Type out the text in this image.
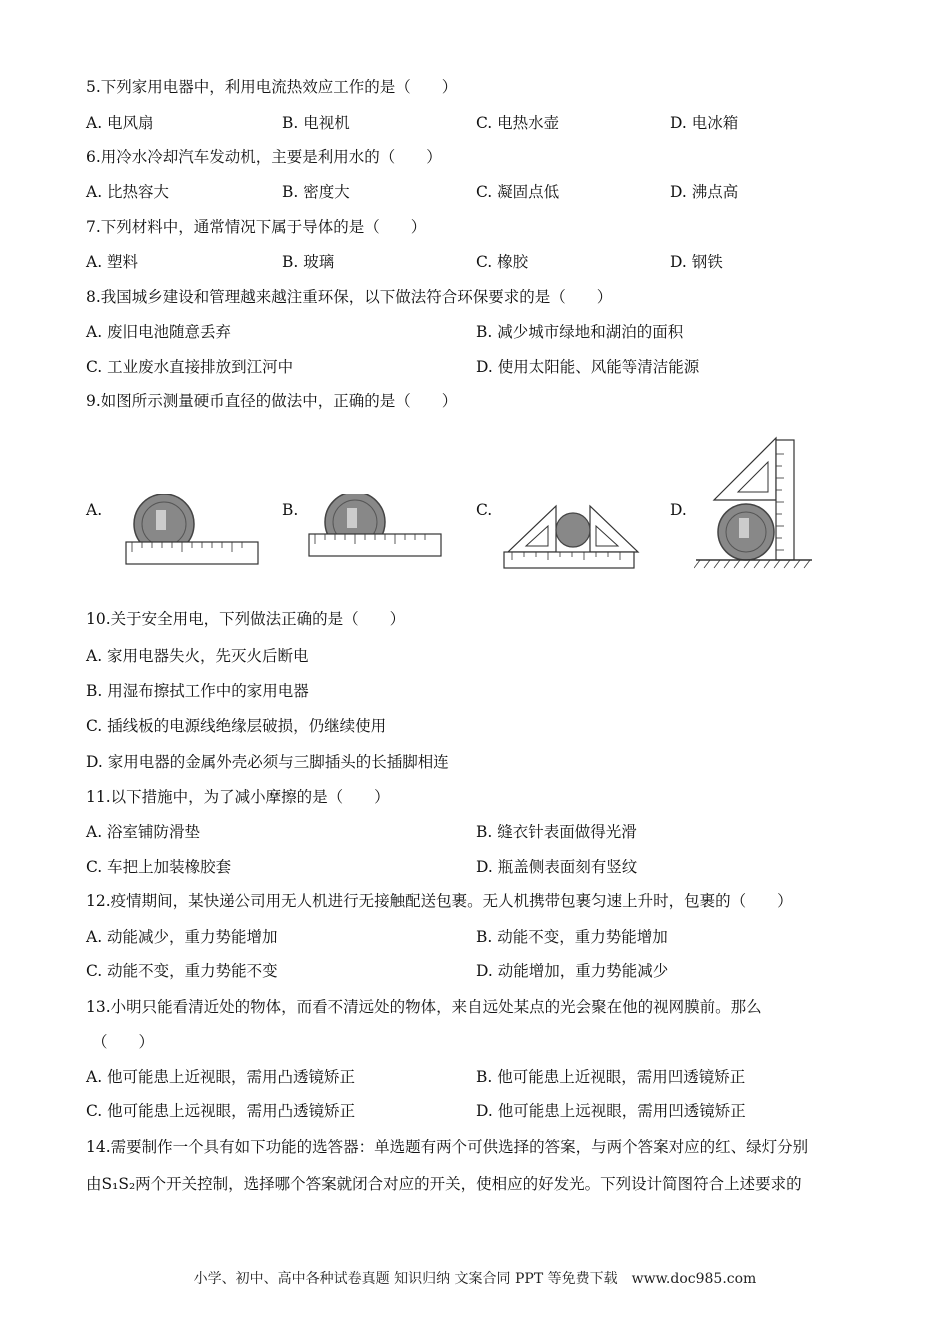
5.下列家用电器中，利用电流热效应工作的是（　　）
A. 电风扇	B. 电视机	C. 电热水壶	D. 电冰箱
6.用冷水冷却汽车发动机，主要是利用水的（　　）
A. 比热容大	B. 密度大	C. 凝固点低	D. 沸点高
7.下列材料中，通常情况下属于导体的是（　　）
A. 塑料	B. 玻璃	C. 橡胶	D. 钢铁
8.我国城乡建设和管理越来越注重环保，以下做法符合环保要求的是（　　）
A. 废旧电池随意丢弃	B. 减少城市绿地和湖泊的面积
C. 工业废水直接排放到江河中	D. 使用太阳能、风能等清洁能源
9.如图所示测量硬币直径的做法中，正确的是（　　）
A.	B.	C.	D.
10.关于安全用电，下列做法正确的是（　　）
A. 家用电器失火，先灭火后断电
B. 用湿布擦拭工作中的家用电器
C. 插线板的电源线绝缘层破损，仍继续使用
D. 家用电器的金属外壳必须与三脚插头的长插脚相连
11.以下措施中，为了减小摩擦的是（　　）
A. 浴室铺防滑垫	B. 缝衣针表面做得光滑
C. 车把上加装橡胶套	D. 瓶盖侧表面刻有竖纹
12.疫情期间，某快递公司用无人机进行无接触配送包裹。无人机携带包裹匀速上升时，包裹的（　　）
A. 动能减少，重力势能增加	B. 动能不变，重力势能增加
C. 动能不变，重力势能不变	D. 动能增加，重力势能减少
13.小明只能看清近处的物体，而看不清远处的物体，来自远处某点的光会聚在他的视网膜前。那么
（　　）
A. 他可能患上近视眼，需用凸透镜矫正	B. 他可能患上近视眼，需用凹透镜矫正
C. 他可能患上远视眼，需用凸透镜矫正	D. 他可能患上远视眼，需用凹透镜矫正
14.需要制作一个具有如下功能的选答器：单选题有两个可供选择的答案，与两个答案对应的红、绿灯分别
由S₁S₂两个开关控制，选择哪个答案就闭合对应的开关，使相应的好发光。下列设计简图符合上述要求的
小学、初中、高中各种试卷真题 知识归纳 文案合同 PPT 等免费下载　www.doc985.com
